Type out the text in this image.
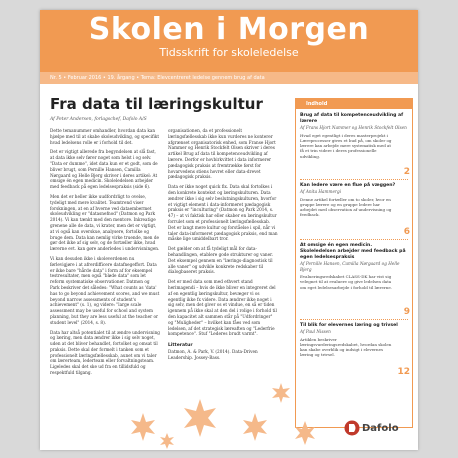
Skolen i Morgen
Tidsskrift for skoleledelse
Nr. 5 • Februar 2016 • 19. årgang • Tema: Elevcentreret ledelse gennem brug af data
Fra data til læringskultur
Af Peter Andersen, forlagschef, Dafolo A/S

Dette temanummer omhandler, hvordan data kan hjælpe med til at skabe skoleudvikling, og specifikt hvad ledelsens rolle er i forhold til det.

Det er vigtigt allerede fra begyndelsen at slå fast, at data ikke selv fører noget som helst i og selv. "Data er dumme", idet data kun er et godt, som de bliver brugt, som Pernille Hansen, Camilla Nørgaard og Helle Bjerg skriver i deres artikel: At omsige én egen medicin. Skoleledelsen arbejder med feedback på egen ledelsespraksis (side 6).

Men det er heller ikke uudfordrligt to ovelse, tydeligt med mere kvalitet. Teamtrend viser forskningen, at en af hverne ved dataembermet skoleudvikling er "datasnefnod" (Datmon og Park 2014). Vi kan tænkt med den mentore. Inkreatige grenene alle de data, vi krater, men det er vigtigt, at vi også kan overskue, analysere, fortolke og bruge dem. Data kan nemlig virke truende, men de gør det ikke af sig selv, og de fortæller ikke, hvad lærerne evt. kan gøre anderledes i undervisningen.

Vi kan desuden ikke i skoleverdenen nu førlevigjøre i at afrerdifficere datafnegeffort. Data er ikke bare "hårde data" i form af for eksempel testresultater, men også "bløde data" som let reform systematiske observationer. Datmon og Park beskriver det således: "What counts as 'data' has to go beyond achievement scores, and we must beyond narrow assessments of student's achievement" (s. 1), og videre: "large scale assessment may be useful for school and system planning, but they are less useful at the teacher or student level" (2014, s. 8).

Data har altså potentialet til at ændre undervisning og læring, men data ændrer ikke i sig selv noget, uden at det bliver behandlet, fortolket og omsat til praksis. Dette skal der formelt i tanken som et professionelt læringsfællesskab, aunet om vi taler om lærerteam, lederteam eller forvaltningsteam. Ligeledes skal det ske ud fra en tillidsfuld og respektfuld tilgang.

organisationen, da et professionelt læringsfællesskab ikke kun vurderes ne konterer afgrænset organisatorisk enhed, som Franse Hjort Nammer og Henrik Stockfelt Olsen skriver i deres artikel Brug af data til kompetenceudvikling af lærere. Derfor er hovbirkvittet i data informerer pædagogisk praksis at fremtrække først for hovarvedens stiens hovret eller data-drevet pædagogisk praksis.

Data er ikke noget quick fix. Data skal fortolkes i den konkrete kontekst og læringskulturen. Data ændrer ikke i sig selv beslutningskulturen, hvorfor et vigtigt element i data-informeret pædagogisk praksis er "inculturing" (Datmon og Park 2014, s. 47) – at vi faktisk har eller skaber en læringskultur forrulet som et professionelt læringsfællesskab. Det er langt mere kultur og forståelse i spil, når vi taler data-informeret pædagogisk praksis, end man måske lige umiddelbart tror.

Det gælder om at få tydeligt mål for data-behandlingen, etablere gode strukturer og vaner. Det eksempel gennem en "lærings-diagnostisk til alle vaner" og udvikle konkrete redskaber til dialogbaseret praksis.

Det er med data som med ethvert stand herimagendi – hvis de ikke bliver en integreret del af en egentlig læringskultur, bevæger vi os egentlig ikke fx videre. Data ændrer ikke noget i sig selv, men det giver os et vindue, en så er tiden igennem på ikke skal at den del i rolige i forhold til den kapacitet alt sammen står på "Udfordringer" og "Muligheder" – hvilket kan fåes ved som ledelsen, af det strategisk læreaften og "Lederfrie kompetence". Stuf "Lederes brudt varmt".

Litteratur
Datmon, A. & Park, V. (2014). Data-Driven Leadership. Jossey-Bass.
Indhold
Brug af data til kompetenceudvikling af lærere
Af Frans Hjort Nammer og Henrik Stockfelt Olsen
Hvad eget egentligt i deres masterprojekt i Læreprocesser gives et bud på, om skoler og lærere kan arbejde mere systematisk med at få et trin videre i deres professionelle udvikling.
2
Kan ledere være en flue på væggen?
Af Anita Hammergi
Denne artikel fortæller om to skoler, hvor en gruppe lærere og en gruppe ledere har arbejdet med observation af undervisning og feedback.
6
At omsige én egen medicin. Skoleledelsen arbejder med feedback på egen ledelsespraksis
Af Pernille Hansen, Camilla Nørgaard og Helle Bjerg
Evalueringsredskabet CLASS-DK har vist sig velegnet til at evaluere og give ledelsen data om eget ledelsesarbejde i forhold til lærerne.
9
Til blik for elevernes læring og trivsel
Af Paul Nissen
Artiklen beskriver læringsvurderingsredskabet, hvordan skolen kan skabe overblik og indsigt i elevernes læring og trivsel.
12
Dafolo
